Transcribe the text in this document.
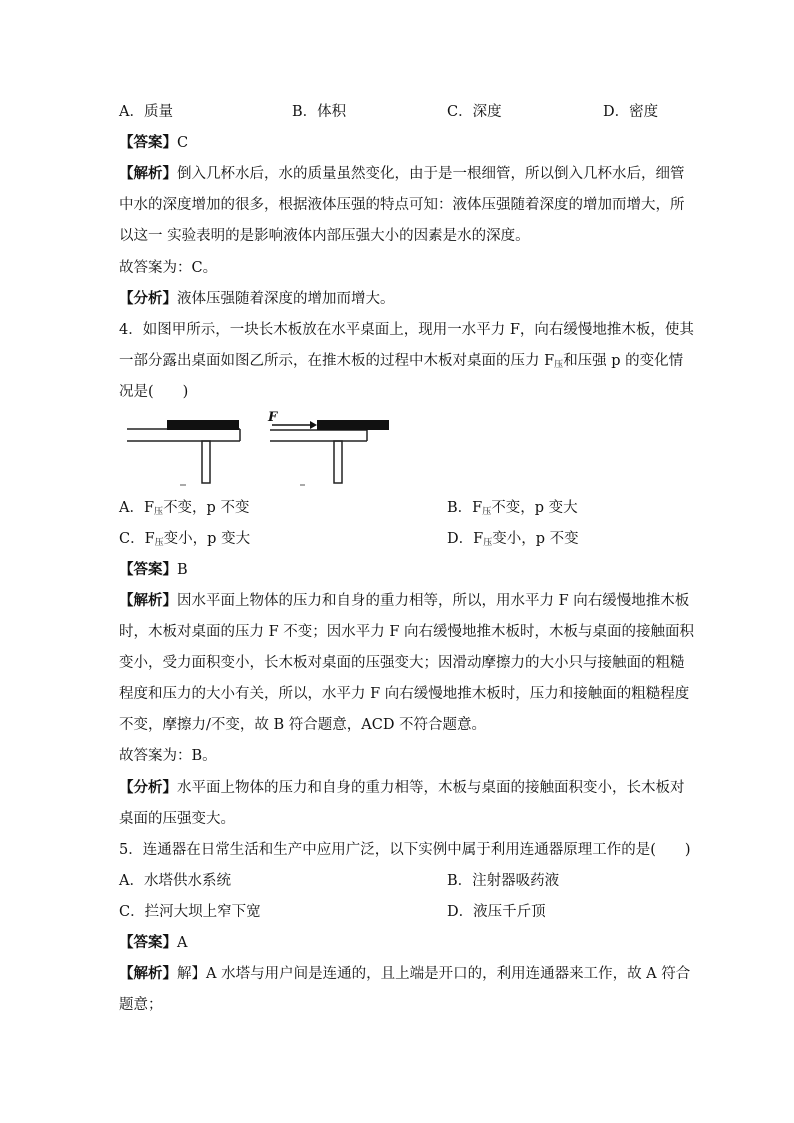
A．质量	B．体积	C．深度	D．密度
【答案】C
【解析】倒入几杯水后，水的质量虽然变化，由于是一根细管，所以倒入几杯水后，细管
中水的深度增加的很多，根据液体压强的特点可知：液体压强随着深度的增加而增大，所
以这一 实验表明的是影响液体内部压强大小的因素是水的深度。
故答案为：C。
【分析】液体压强随着深度的增加而增大。
4．如图甲所示，一块长木板放在水平桌面上，现用一水平力 F，向右缓慢地推木板，使其
一部分露出桌面如图乙所示，在推木板的过程中木板对桌面的压力 $F_压$和压强 p 的变化情
况是(　　)
F
A．$F_压$不变，p 不变	B．$F_压$不变，p 变大
C．$F_压$变小，p 变大	D．$F_压$变小，p 不变
【答案】B
【解析】因水平面上物体的压力和自身的重力相等，所以，用水平力 F 向右缓慢地推木板
时，木板对桌面的压力 F 不变；因水平力 F 向右缓慢地推木板时，木板与桌面的接触面积
变小，受力面积变小，长木板对桌面的压强变大；因滑动摩擦力的大小只与接触面的粗糙
程度和压力的大小有关，所以，水平力 F 向右缓慢地推木板时，压力和接触面的粗糙程度
不变，摩擦力/不变，故 B 符合题意，ACD 不符合题意。
故答案为：B。
【分析】水平面上物体的压力和自身的重力相等，木板与桌面的接触面积变小，长木板对
桌面的压强变大。
5．连通器在日常生活和生产中应用广泛，以下实例中属于利用连通器原理工作的是(　　)
A．水塔供水系统	B．注射器吸药液
C．拦河大坝上窄下宽	D．液压千斤顶
【答案】A
【解析】解】A 水塔与用户间是连通的，且上端是开口的，利用连通器来工作，故 A 符合
题意；
